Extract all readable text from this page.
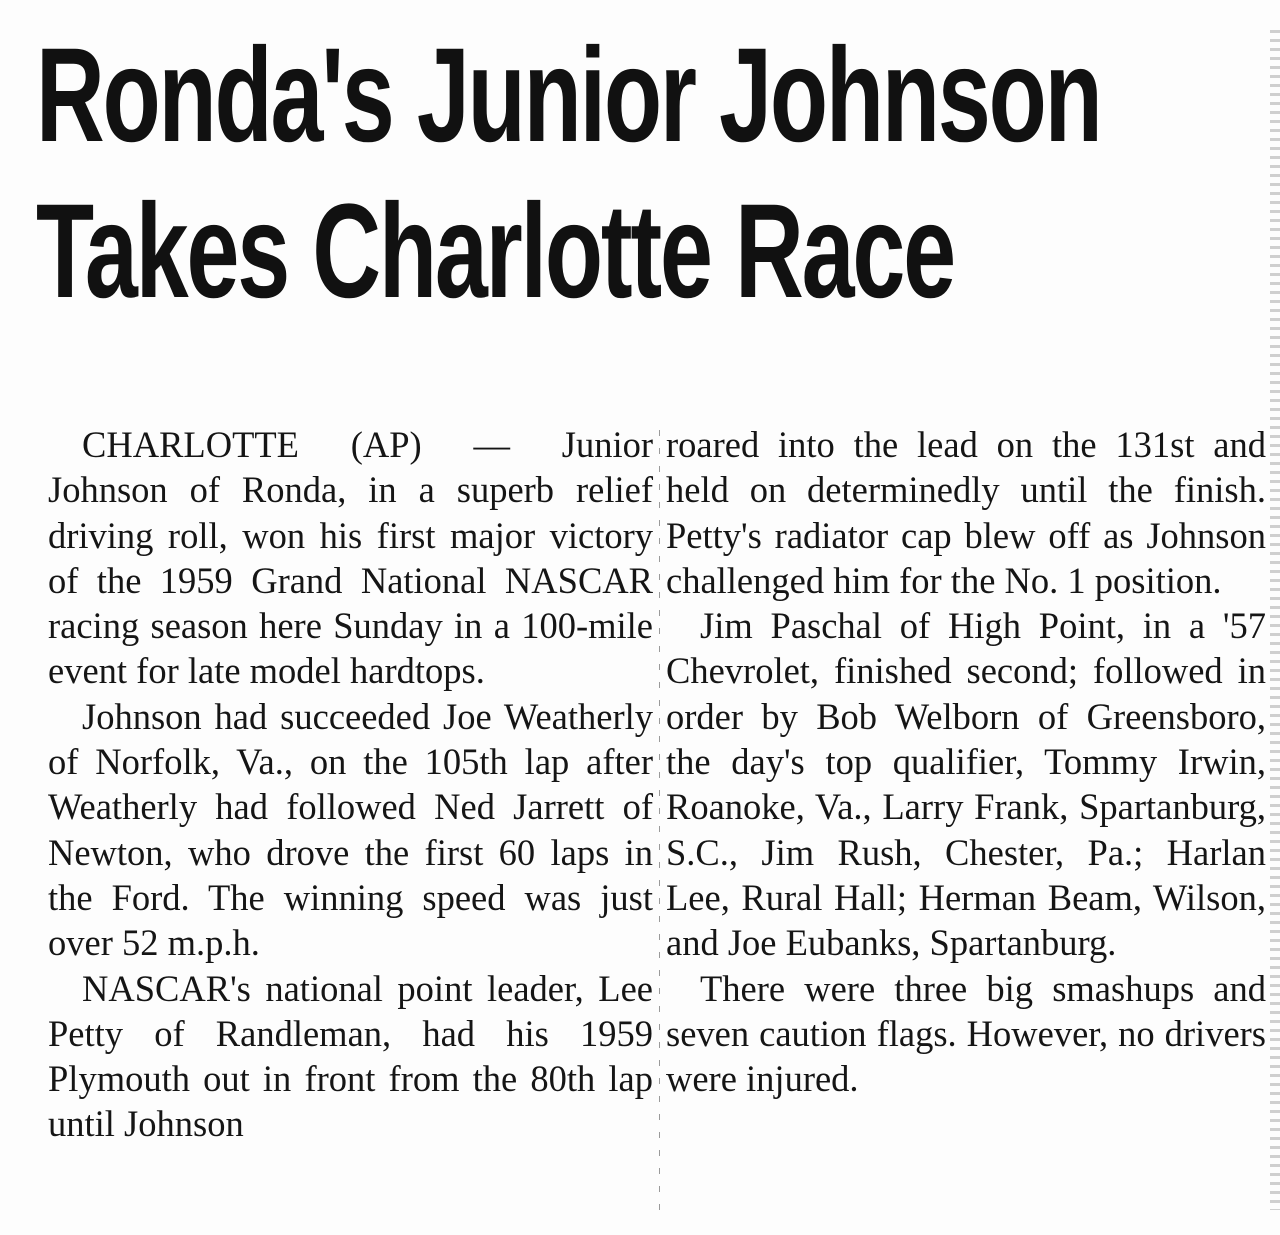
Ronda's Junior Johnson
Takes Charlotte Race

CHARLOTTE (AP) — Junior Johnson of Ronda, in a superb relief driving roll, won his first major victory of the 1959 Grand National NASCAR racing season here Sunday in a 100-mile event for late model hardtops.

Johnson had succeeded Joe Weatherly of Norfolk, Va., on the 105th lap after Weatherly had followed Ned Jarrett of Newton, who drove the first 60 laps in the Ford. The winning speed was just over 52 m.p.h.

NASCAR's national point leader, Lee Petty of Randleman, had his 1959 Plymouth out in front from the 80th lap until Johnson

roared into the lead on the 131st and held on determinedly until the finish. Petty's radiator cap blew off as Johnson challenged him for the No. 1 position.

Jim Paschal of High Point, in a '57 Chevrolet, finished second; followed in order by Bob Welborn of Greensboro, the day's top qualifier, Tommy Irwin, Roanoke, Va., Larry Frank, Spartanburg, S.C., Jim Rush, Chester, Pa.; Harlan Lee, Rural Hall; Herman Beam, Wilson, and Joe Eubanks, Spartanburg.

There were three big smashups and seven caution flags. However, no drivers were injured.
